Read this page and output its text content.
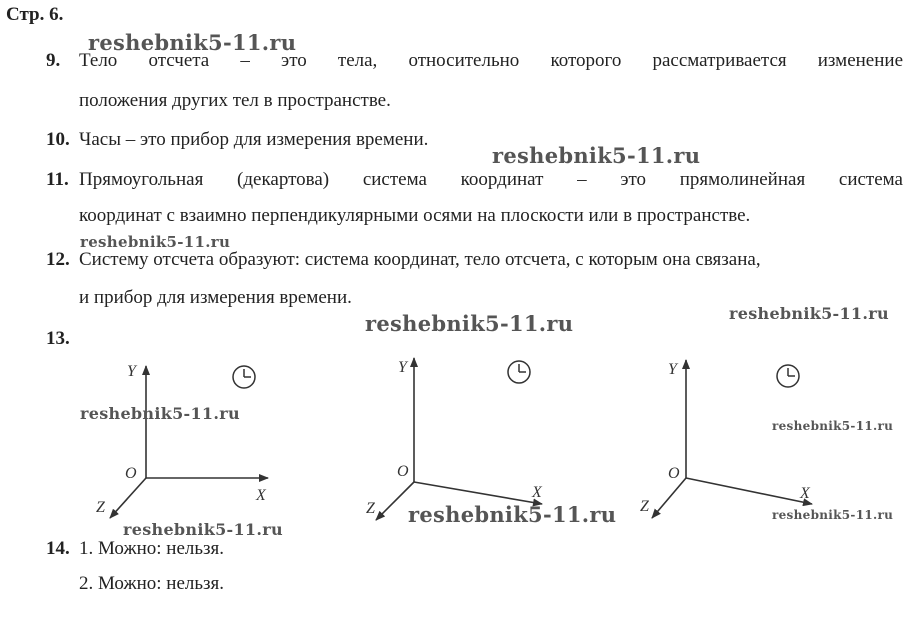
Стр. 6.
9. Тело отсчета – это тела, относительно которого рассматривается изменение
положения других тел в пространстве.
10. Часы – это прибор для измерения времени.
11. Прямоугольная (декартова) система координат – это прямолинейная система
координат с взаимно перпендикулярными осями на плоскости или в пространстве.
12. Систему отсчета образуют: система координат, тело отсчета, с которым она связана,
и прибор для измерения времени.
13.
14. 1. Можно: нельзя.
2. Можно: нельзя.
Y
X
Z
O
Y
X
Z
O
Y
X
Z
O
reshebnik5-11.ru
reshebnik5-11.ru
reshebnik5-11.ru
reshebnik5-11.ru	reshebnik5-11.ru
reshebnik5-11.ru
reshebnik5-11.ru
reshebnik5-11.ru
reshebnik5-11.ru	reshebnik5-11.ru
